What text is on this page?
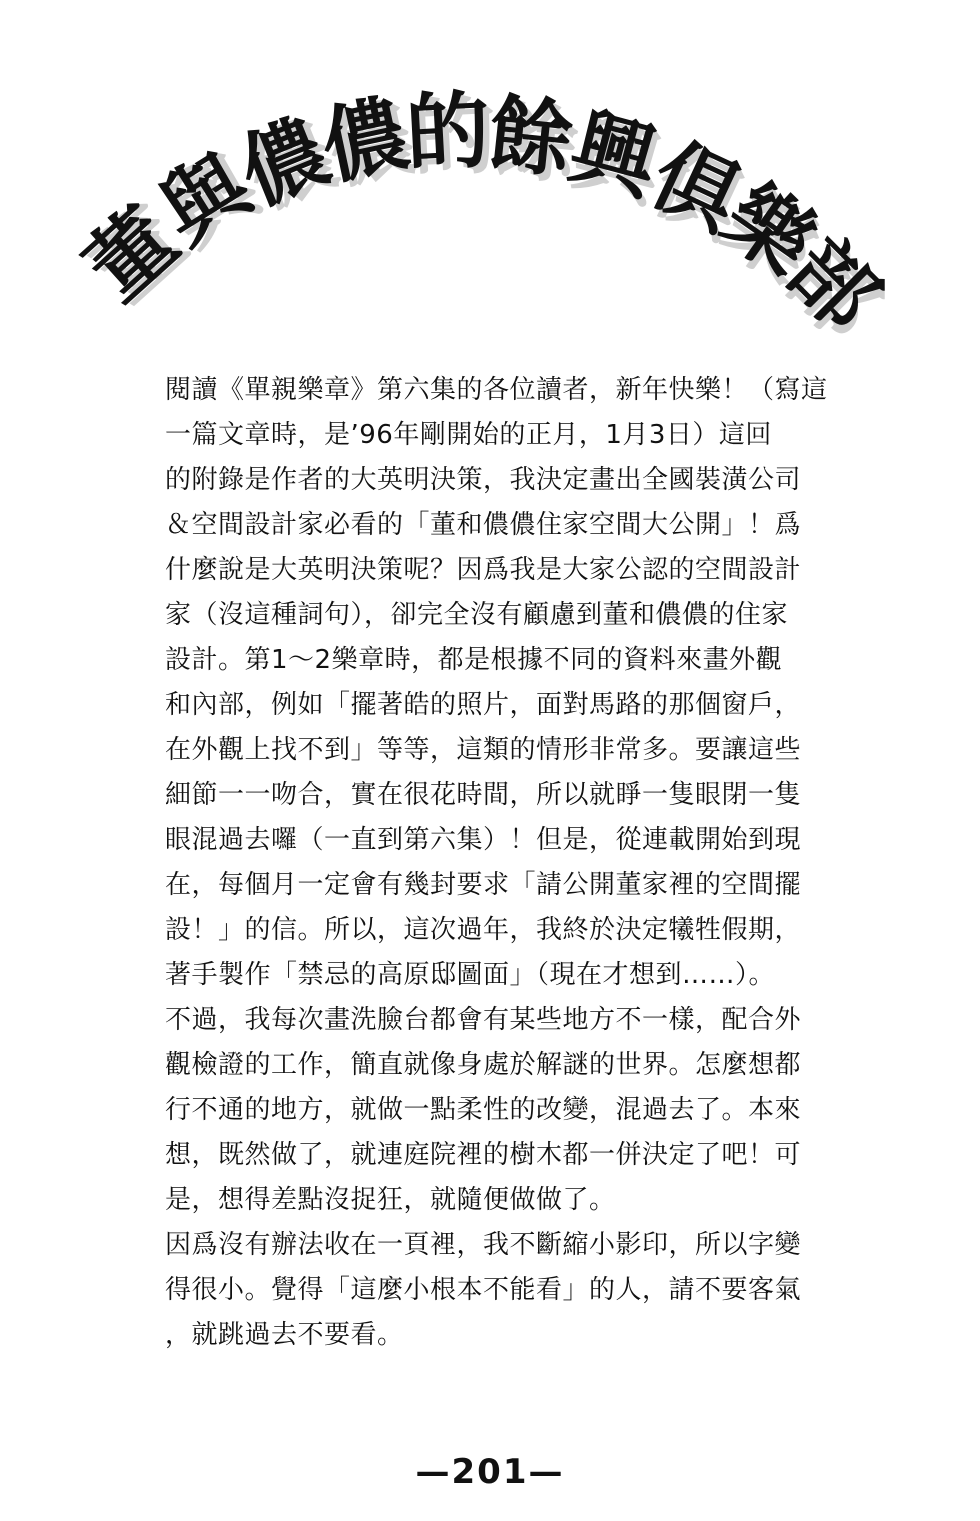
董
與
儂
儂
的
餘
興
俱
樂
部
閱讀《單親樂章》第六集的各位讀者，新年快樂！（寫這
一篇文章時，是’96年剛開始的正月，1月3日）這回
的附錄是作者的大英明決策，我決定畫出全國裝潢公司
＆空間設計家必看的「董和儂儂住家空間大公開」！爲
什麼說是大英明決策呢？因爲我是大家公認的空間設計
家（沒這種詞句），卻完全沒有顧慮到董和儂儂的住家
設計。第1～2樂章時，都是根據不同的資料來畫外觀
和內部，例如「擺著皓的照片，面對馬路的那個窗戶，
在外觀上找不到」等等，這類的情形非常多。要讓這些
細節一一吻合，實在很花時間，所以就睜一隻眼閉一隻
眼混過去囉（一直到第六集）！但是，從連載開始到現
在，每個月一定會有幾封要求「請公開董家裡的空間擺
設！」的信。所以，這次過年，我終於決定犧牲假期，
著手製作「禁忌的高原邸圖面」（現在才想到……）。
不過，我每次畫洗臉台都會有某些地方不一樣，配合外
觀檢證的工作，簡直就像身處於解謎的世界。怎麼想都
行不通的地方，就做一點柔性的改變，混過去了。本來
想，既然做了，就連庭院裡的樹木都一併決定了吧！可
是，想得差點沒捉狂，就隨便做做了。
因爲沒有辦法收在一頁裡，我不斷縮小影印，所以字變
得很小。覺得「這麼小根本不能看」的人，請不要客氣
，就跳過去不要看。
—201—
